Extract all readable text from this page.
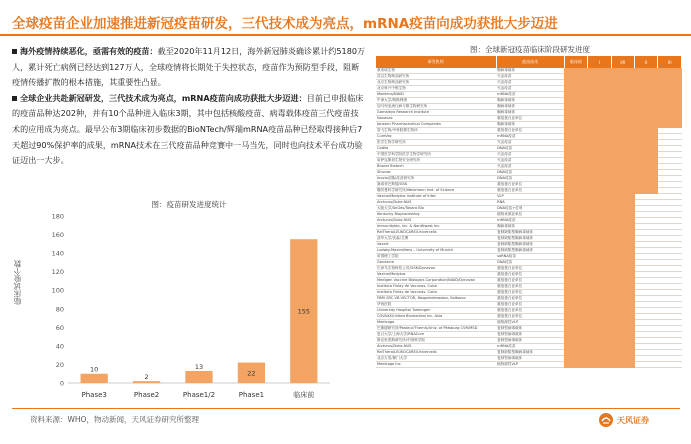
全球疫苗企业加速推进新冠疫苗研发，三代技术成为亮点，mRNA疫苗向成功获批大步迈进

海外疫情持续恶化，亟需有效的疫苗：截至2020年11月12日，海外新冠肺炎确诊累计约5180万人，累计死亡病例已经达到127万人，全球疫情将长期处于失控状态，疫苗作为预防型手段，阻断疫情传播扩散的根本措施，其重要性凸显。

全球企业共赴新冠研发，三代技术成为亮点，mRNA疫苗向成功获批大步迈进：目前已申报临床的疫苗品种达202种，并有10个品种进入临床3期，其中包括核酸疫苗、病毒载体疫苗三代疫苗技术的应用成为亮点。最早公布3期临床初步数据的BioNTech/辉瑞mRNA疫苗品种已经取得接种后7天超过90%保护率的成果，mRNA技术在三代疫苗品种竞赛中一马当先，同时也向技术平台成功验证迈出一大步。

图：疫苗研发进度统计
临床试验个数
0
20
40
60
80
100
120
140
160
180
10
Phase3
2
Phase2
13
Phase1/2
22
Phase1
155
临床前
图：全球新冠疫苗临床阶段研发进度
研发机构	疫苗技术	临床前	I	I/II	II	III
康希诺生物	腺病毒载体					
武汉生物制品研究所	灭活疫苗					
北京生物制品研究所	灭活疫苗					
北京科兴中维生物	灭活疫苗					
Moderna/NIAID	mRNA疫苗					
牛津大学/阿斯利康	腺病毒载体					
加马列亚流行病与微生物研究所	腺病毒载体					
Gamaleya Research Institute	腺病毒载体					
Novavax	重组蛋白亚单位					
Janssen Pharmaceutical Companies	腺病毒载体					
智飞生物/中科院微生物所	重组蛋白亚单位					
CureVac	mRNA疫苗					
医学生物学研究所	灭活疫苗					
Cadila	DNA疫苗					
中国医学科学院医学生物学研究所	灭活疫苗					
哈萨克斯坦生物安全研究所	灭活疫苗					
Bharat Biotech	灭活疫苗					
Sinovac	DNA疫苗					
Inovio/国际疫苗研究所	DNA疫苗					
赛诺菲巴斯德/GSK	重组蛋白亚单位					
魏茨曼科学研究所/Weizmann Inst. of Science	重组蛋白亚单位					
Vaxine/Medytox Institute of Infec	VLP					
Arcturus/Duke-NUS	RNA					
大阪大学/AnGes/Takara Bio	DNA疫苗+佐剂					
Kentucky Bioprocessing	植物来源亚单位					
Arcturus/Duke-NUS	mRNA疫苗					
Immunitybio, Inc. & NantKwest Inc.	腺病毒载体					
ReiThera/LEUKOCARE/Univercells	复制缺陷型腺病毒载体					
清华大学/沃森/艾博	复制缺陷型腺病毒载体					
Vaxart	复制缺陷型腺病毒载体					
Ludwig-Maximilians – University of Munich	复制缺陷型腺病毒载体					
帝国理工学院	saRNA疫苗					
Genexine	DNA疫苗					
巴拿马生物科技公司/GSK/Dynavax	重组蛋白亚单位					
Vaxine/Medytox	重组蛋白亚单位					
Medigen Vaccine Biologics Corporation/NIAID/Dynavax	重组蛋白亚单位					
Instituto Finlay de Vacunas, Cuba	重组蛋白亚单位					
Instituto Finlay de Vacunas, Cuba	重组蛋白亚单位					
FBRI SRC VB VECTOR, Rospotrebnadzor, Koltsovo	重组蛋白亚单位					
华西医院	重组蛋白亚单位					
University Hospital Tuebingen	重组蛋白亚单位					
COVAXX/United Biomedical Inc. Asia	重组蛋白亚单位					
Medicago	植物源性VLP					
巴斯德研究所/Pasteur/Themis/Univ. of Pittsburg CVR/MSD	复制型病毒载体					
复旦大学/上海大学/RNACure	复制型病毒载体					
斯克里普斯研究所/中国科学院	复制型病毒载体					
Arcturus/Duke-NUS	mRNA疫苗					
ReiThera/LEUKOCARE/Univercells	复制缺陷型腺病毒载体					
北京万泰/厦门大学	复制型病毒载体					
Medicago Inc.	植物源性VLP					
资料来源：WHO，物动新闻，天风证券研究所整理	天风证券
